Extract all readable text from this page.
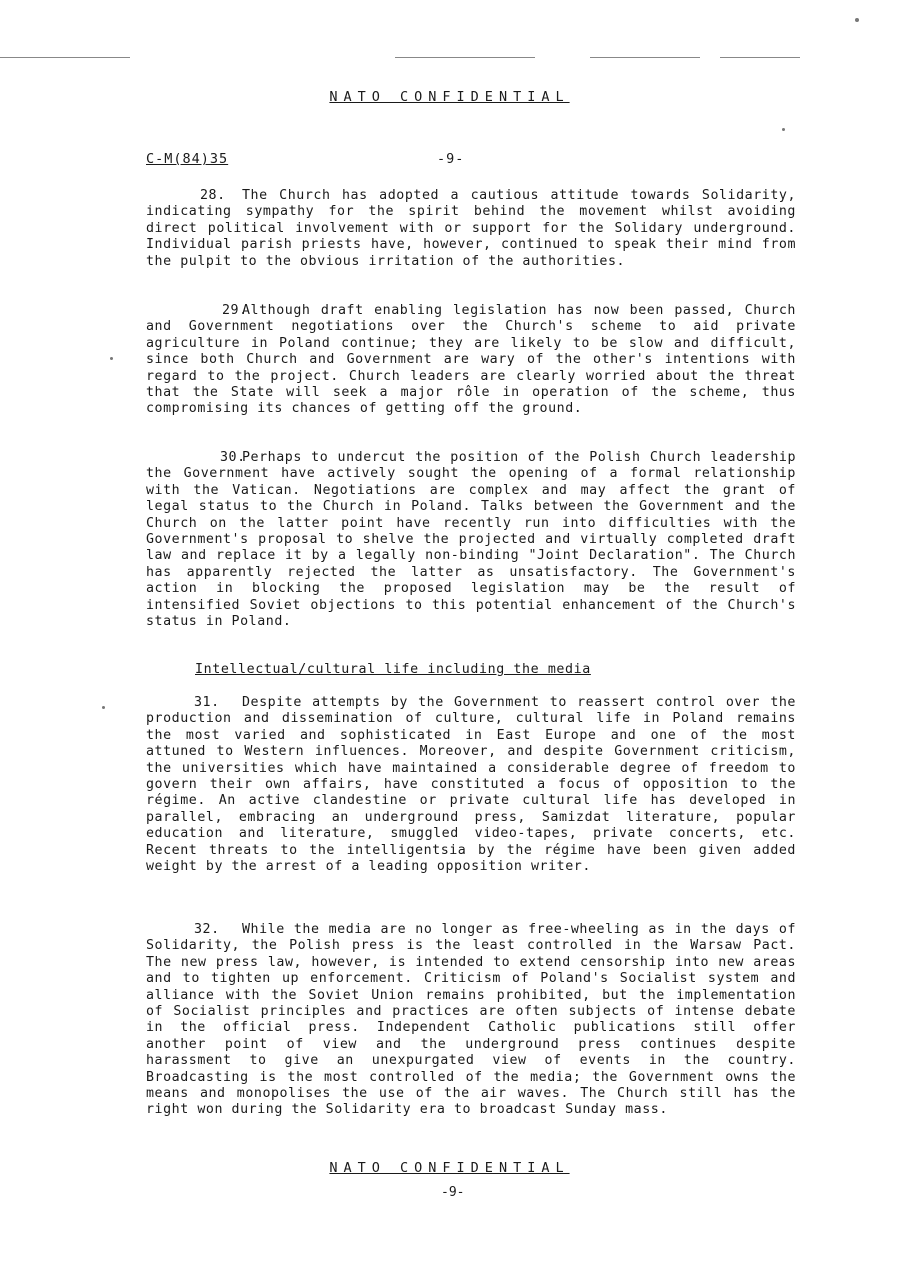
NATO CONFIDENTIAL
C-M(84)35	-9-
28. The Church has adopted a cautious attitude towards Solidarity, indicating sympathy for the spirit behind the movement whilst avoiding direct political involvement with or support for the Solidary underground. Individual parish priests have, however, continued to speak their mind from the pulpit to the obvious irritation of the authorities.
29.Although draft enabling legislation has now been passed, Church and Government negotiations over the Church's scheme to aid private agriculture in Poland continue; they are likely to be slow and difficult, since both Church and Government are wary of the other's intentions with regard to the project. Church leaders are clearly worried about the threat that the State will seek a major rôle in operation of the scheme, thus compromising its chances of getting off the ground.
30.Perhaps to undercut the position of the Polish Church leadership the Government have actively sought the opening of a formal relationship with the Vatican. Negotiations are complex and may affect the grant of legal status to the Church in Poland. Talks between the Government and the Church on the latter point have recently run into difficulties with the Government's proposal to shelve the projected and virtually completed draft law and replace it by a legally non-binding "Joint Declaration". The Church has apparently rejected the latter as unsatisfactory. The Government's action in blocking the proposed legislation may be the result of intensified Soviet objections to this potential enhancement of the Church's status in Poland.
Intellectual/cultural life including the media
31. Despite attempts by the Government to reassert control over the production and dissemination of culture, cultural life in Poland remains the most varied and sophisticated in East Europe and one of the most attuned to Western influences. Moreover, and despite Government criticism, the universities which have maintained a considerable degree of freedom to govern their own affairs, have constituted a focus of opposition to the régime. An active clandestine or private cultural life has developed in parallel, embracing an underground press, Samizdat literature, popular education and literature, smuggled video-tapes, private concerts, etc. Recent threats to the intelligentsia by the régime have been given added weight by the arrest of a leading opposition writer.
32. While the media are no longer as free-wheeling as in the days of Solidarity, the Polish press is the least controlled in the Warsaw Pact. The new press law, however, is intended to extend censorship into new areas and to tighten up enforcement. Criticism of Poland's Socialist system and alliance with the Soviet Union remains prohibited, but the implementation of Socialist principles and practices are often subjects of intense debate in the official press. Independent Catholic publications still offer another point of view and the underground press continues despite harassment to give an unexpurgated view of events in the country. Broadcasting is the most controlled of the media; the Government owns the means and monopolises the use of the air waves. The Church still has the right won during the Solidarity era to broadcast Sunday mass.
NATO CONFIDENTIAL
-9-
